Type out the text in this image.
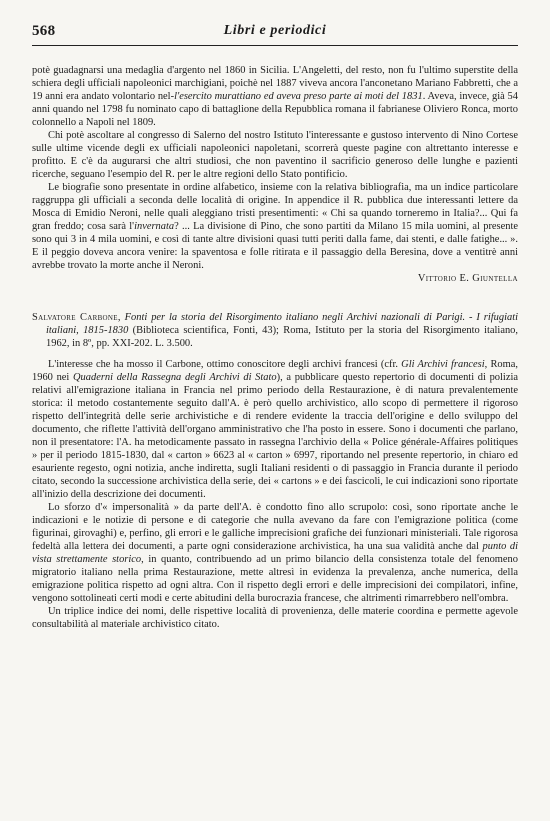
568	Libri e periodici

potè guadagnarsi una medaglia d'argento nel 1860 in Sicilia. L'Angeletti, del resto, non fu l'ultimo superstite della schiera degli ufficiali napoleonici marchigiani, poichè nel 1887 viveva ancora l'anconetano Mariano Fabbretti, che a 19 anni era andato volontario nel-l'esercito murattiano ed aveva preso parte ai moti del 1831. Aveva, invece, già 54 anni quando nel 1798 fu nominato capo di battaglione della Repubblica romana il fabrianese Oliviero Ronca, morto colonnello a Napoli nel 1809.

Chi potè ascoltare al congresso di Salerno del nostro Istituto l'interessante e gustoso intervento di Nino Cortese sulle ultime vicende degli ex ufficiali napoleonici napoletani, scorrerà queste pagine con altrettanto interesse e profitto. E c'è da augurarsi che altri studiosi, che non paventino il sacrificio generoso delle lunghe e pazienti ricerche, seguano l'esempio del R. per le altre regioni dello Stato pontificio.

Le biografie sono presentate in ordine alfabetico, insieme con la relativa bibliografia, ma un indice particolare raggruppa gli ufficiali a seconda delle località di origine. In appendice il R. pubblica due interessanti lettere da Mosca di Emidio Neroni, nelle quali aleggiano tristi presentimenti: « Chi sa quando torneremo in Italia?... Qui fa gran freddo; cosa sarà l'invernata? ... La divisione di Pino, che sono partiti da Milano 15 mila uomini, al presente sono qui 3 in 4 mila uomini, e così di tante altre divisioni quasi tutti periti dalla fame, dai stenti, e dalle fatighe... ». E il peggio doveva ancora venire: la spaventosa e folle ritirata e il passaggio della Beresina, dove a ventitrè anni avrebbe trovato la morte anche il Neroni.

Vittorio E. Giuntella

Salvatore Carbone, Fonti per la storia del Risorgimento italiano negli Archivi nazionali di Parigi. - I rifugiati italiani, 1815-1830 (Biblioteca scientifica, Fonti, 43); Roma, Istituto per la storia del Risorgimento italiano, 1962, in 8º, pp. XXI-202. L. 3.500.

L'interesse che ha mosso il Carbone, ottimo conoscitore degli archivi francesi (cfr. Gli Archivi francesi, Roma, 1960 nei Quaderni della Rassegna degli Archivi di Stato), a pubblicare questo repertorio di documenti di polizia relativi all'emigrazione italiana in Francia nel primo periodo della Restaurazione, è di natura prevalentemente storica: il metodo costantemente seguito dall'A. è però quello archivistico, allo scopo di permettere il rigoroso rispetto dell'integrità delle serie archivistiche e di rendere evidente la traccia dell'origine e dello sviluppo del documento, che riflette l'attività dell'organo amministrativo che l'ha posto in essere. Sono i documenti che parlano, non il presentatore: l'A. ha metodicamente passato in rassegna l'archivio della « Police générale-Affaires politiques » per il periodo 1815-1830, dal « carton » 6623 al « carton » 6997, riportando nel presente repertorio, in chiaro ed esauriente regesto, ogni notizia, anche indiretta, sugli Italiani residenti o di passaggio in Francia durante il periodo citato, secondo la successione archivistica della serie, dei « cartons » e dei fascicoli, le cui indicazioni sono riportate all'inizio della descrizione dei documenti.

Lo sforzo d'« impersonalità » da parte dell'A. è condotto fino allo scrupolo: così, sono riportate anche le indicazioni e le notizie di persone e di categorie che nulla avevano da fare con l'emigrazione politica (come figurinai, girovaghi) e, perfino, gli errori e le galliche imprecisioni grafiche dei funzionari ministeriali. Tale rigorosa fedeltà alla lettera dei documenti, a parte ogni considerazione archivistica, ha una sua validità anche dal punto di vista strettamente storico, in quanto, contribuendo ad un primo bilancio della consistenza totale del fenomeno migratorio italiano nella prima Restaurazione, mette altresì in evidenza la prevalenza, anche numerica, della emigrazione politica rispetto ad ogni altra. Con il rispetto degli errori e delle imprecisioni dei compilatori, infine, vengono sottolineati certi modi e certe abitudini della burocrazia francese, che altrimenti rimarrebbero nell'ombra.

Un triplice indice dei nomi, delle rispettive località di provenienza, delle materie coordina e permette agevole consultabilità al materiale archivistico citato.
